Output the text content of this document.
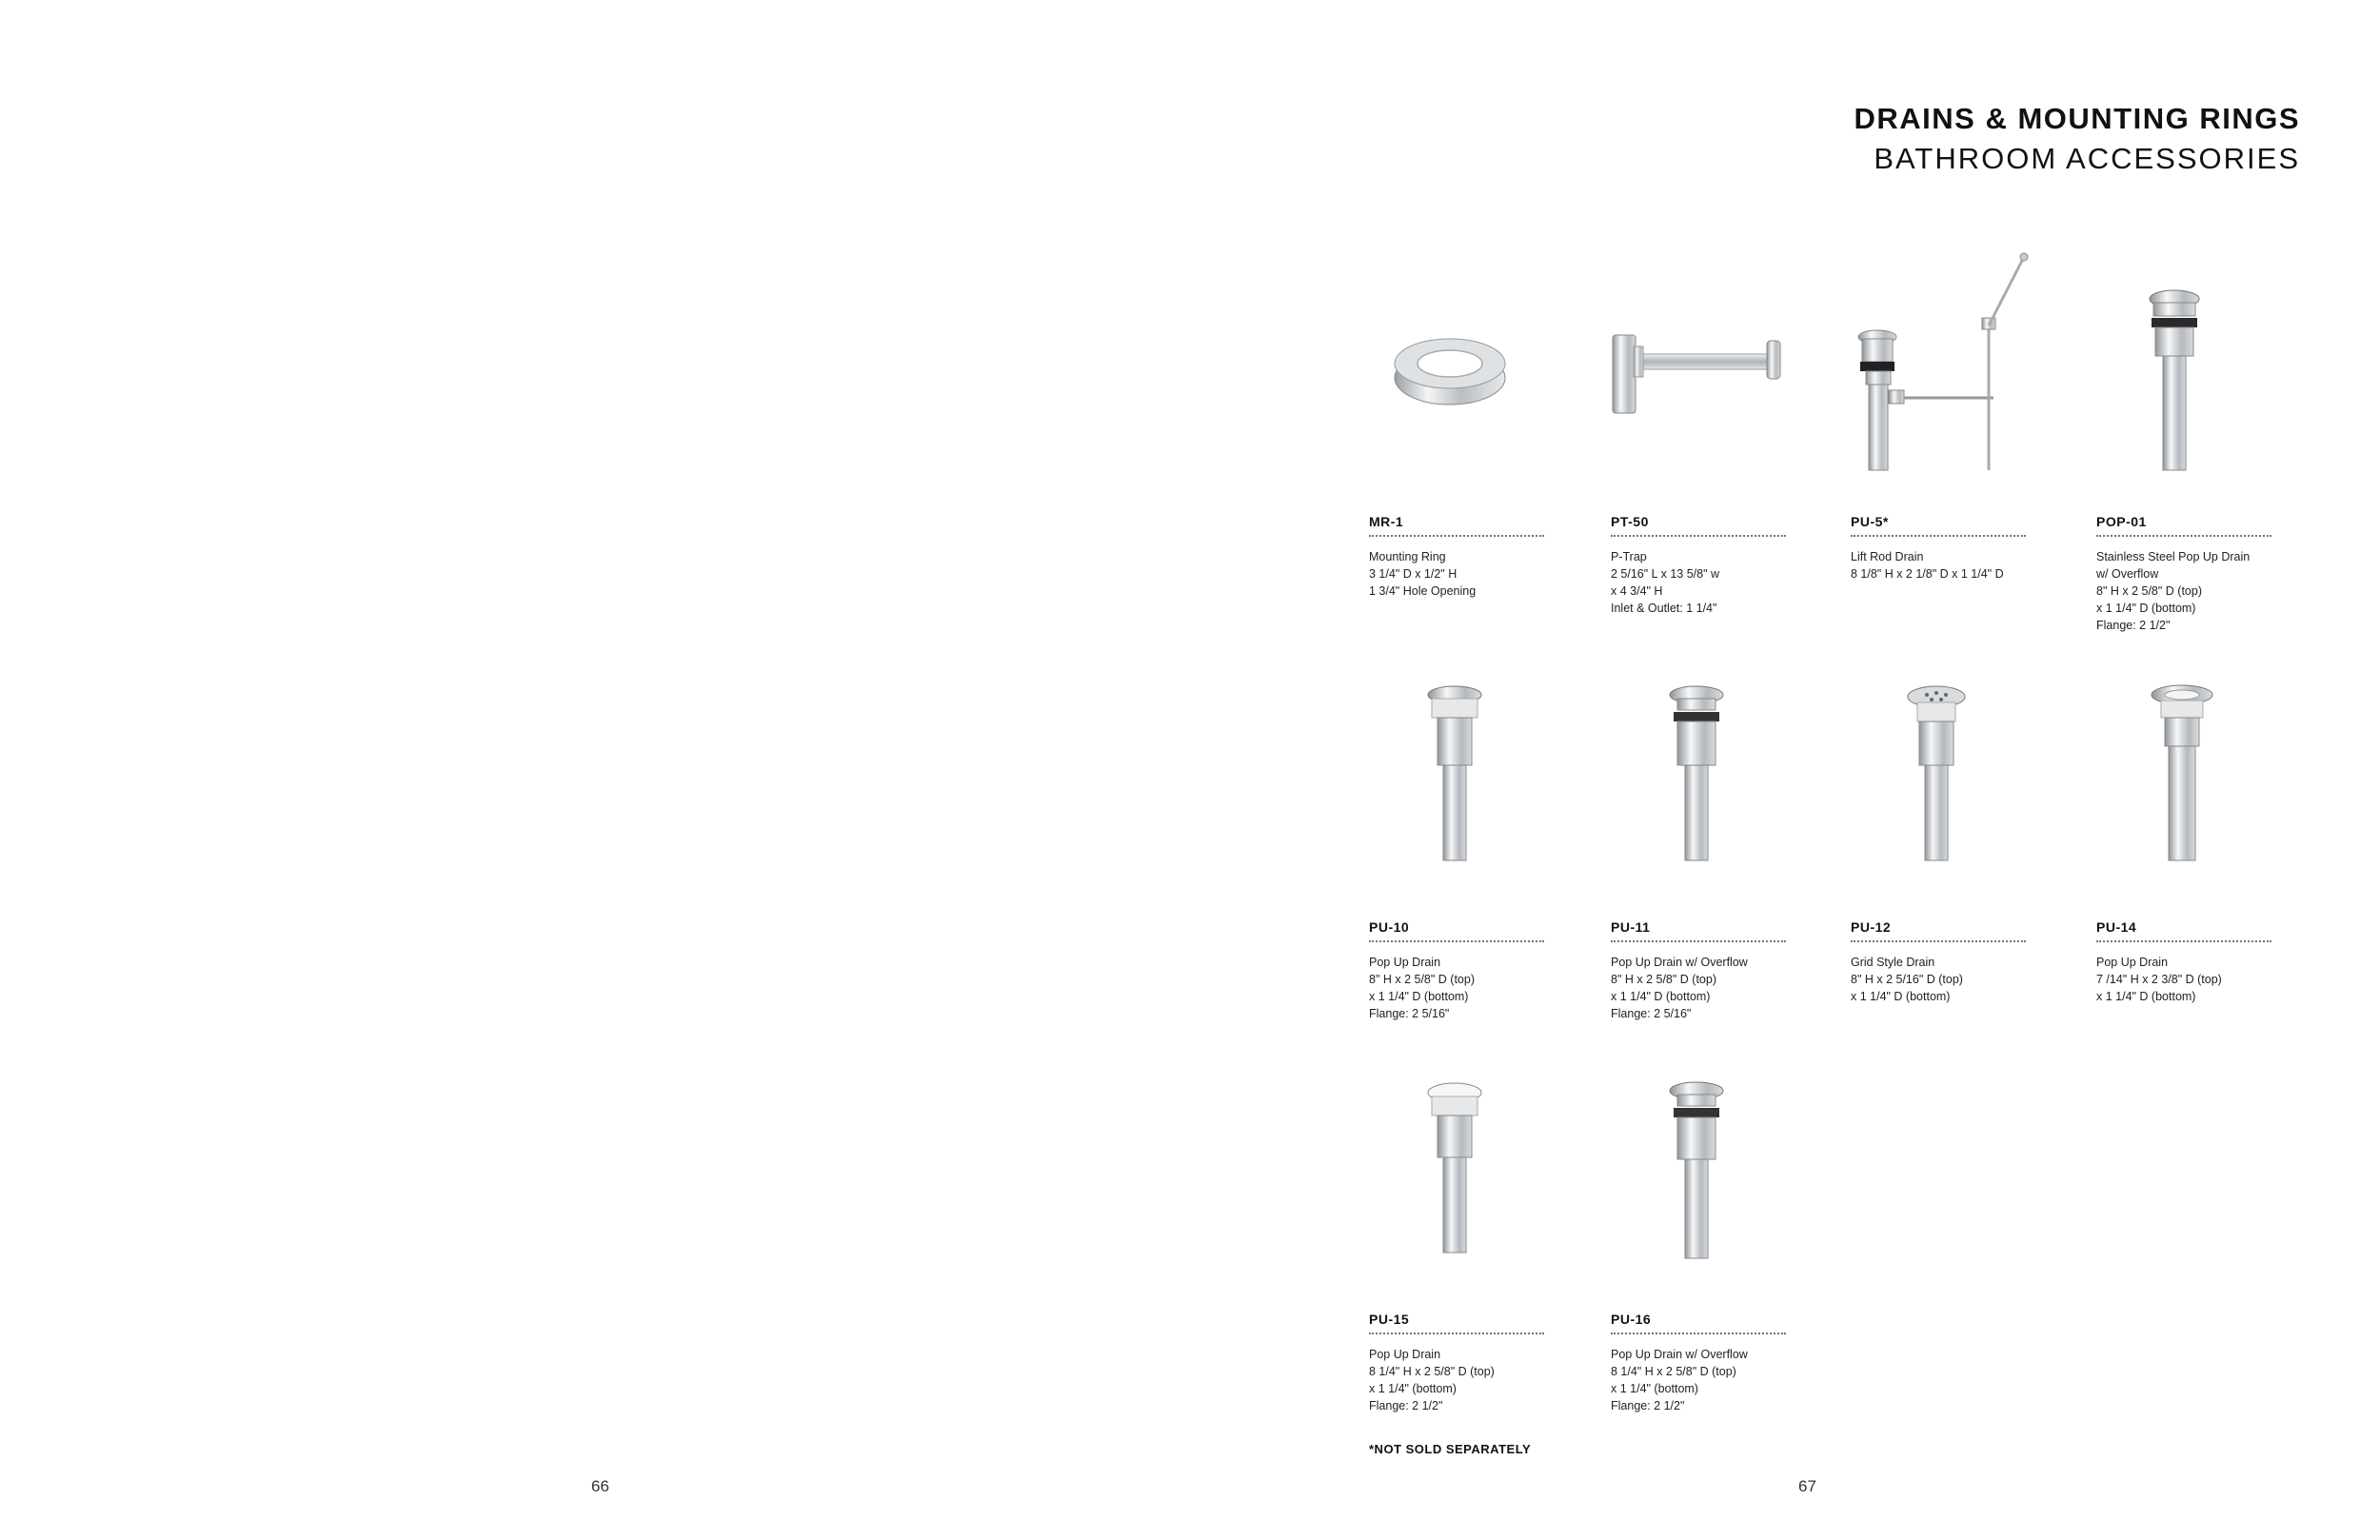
66	67
DRAINS & MOUNTING RINGS
BATHROOM ACCESSORIES
MR-1
Mounting Ring
3 1/4" D x 1/2" H
1 3/4" Hole Opening
PT-50
P-Trap
2 5/16" L x 13 5/8" w
x 4 3/4" H
Inlet & Outlet: 1 1/4"
PU-5*
Lift Rod Drain
8 1/8" H x 2 1/8" D x 1 1/4" D
POP-01
Stainless Steel Pop Up Drain
w/ Overflow
8" H x 2 5/8" D (top)
x 1 1/4" D (bottom)
Flange: 2 1/2"
PU-10
Pop Up Drain
8" H x 2 5/8" D (top)
x 1 1/4" D (bottom)
Flange: 2 5/16"
PU-11
Pop Up Drain w/ Overflow
8" H x 2 5/8" D (top)
x 1 1/4" D (bottom)
Flange: 2 5/16"
PU-12
Grid Style Drain
8" H x 2 5/16" D (top)
x 1 1/4" D (bottom)
PU-14
Pop Up Drain
7 /14" H x 2 3/8" D (top)
x 1 1/4" D (bottom)
PU-15
Pop Up Drain
8 1/4" H x 2 5/8" D (top)
x 1 1/4" (bottom)
Flange: 2 1/2"
PU-16
Pop Up Drain w/ Overflow
8 1/4" H x 2 5/8" D (top)
x 1 1/4" (bottom)
Flange: 2 1/2"
*NOT SOLD SEPARATELY
